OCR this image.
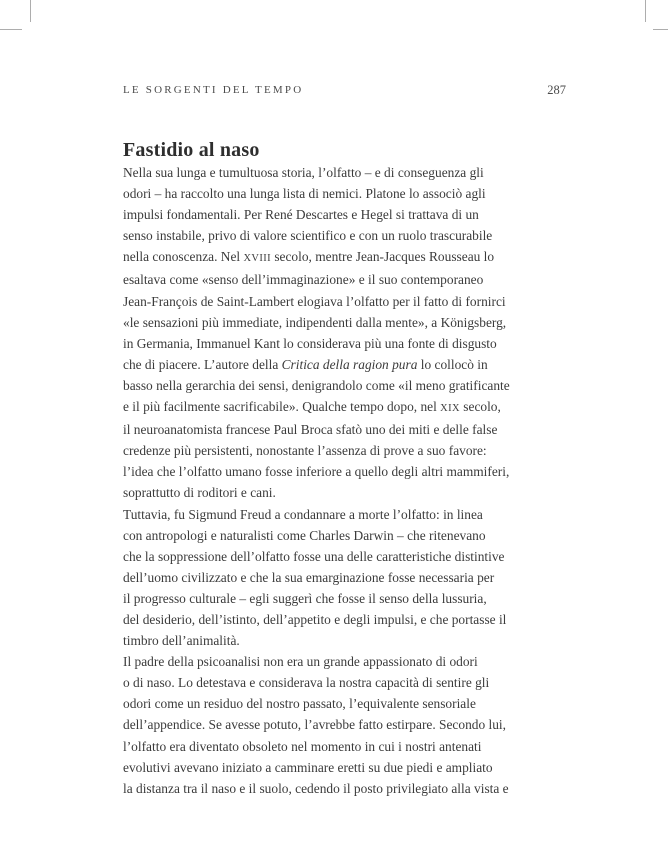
LE SORGENTI DEL TEMPO	287
Fastidio al naso
Nella sua lunga e tumultuosa storia, l’olfatto – e di conseguenza gli
odori – ha raccolto una lunga lista di nemici. Platone lo associò agli
impulsi fondamentali. Per René Descartes e Hegel si trattava di un
senso instabile, privo di valore scientifico e con un ruolo trascurabile
nella conoscenza. Nel XVIII secolo, mentre Jean-Jacques Rousseau lo
esaltava come «senso dell’immaginazione» e il suo contemporaneo
Jean-François de Saint-Lambert elogiava l’olfatto per il fatto di fornirci
«le sensazioni più immediate, indipendenti dalla mente», a Königsberg,
in Germania, Immanuel Kant lo considerava più una fonte di disgusto
che di piacere. L’autore della Critica della ragion pura lo collocò in
basso nella gerarchia dei sensi, denigrandolo come «il meno gratificante
e il più facilmente sacrificabile». Qualche tempo dopo, nel XIX secolo,
il neuroanatomista francese Paul Broca sfatò uno dei miti e delle false
credenze più persistenti, nonostante l’assenza di prove a suo favore:
l’idea che l’olfatto umano fosse inferiore a quello degli altri mammiferi,
soprattutto di roditori e cani.
Tuttavia, fu Sigmund Freud a condannare a morte l’olfatto: in linea
con antropologi e naturalisti come Charles Darwin – che ritenevano
che la soppressione dell’olfatto fosse una delle caratteristiche distintive
dell’uomo civilizzato e che la sua emarginazione fosse necessaria per
il progresso culturale – egli suggerì che fosse il senso della lussuria,
del desiderio, dell’istinto, dell’appetito e degli impulsi, e che portasse il
timbro dell’animalità.
Il padre della psicoanalisi non era un grande appassionato di odori
o di naso. Lo detestava e considerava la nostra capacità di sentire gli
odori come un residuo del nostro passato, l’equivalente sensoriale
dell’appendice. Se avesse potuto, l’avrebbe fatto estirpare. Secondo lui,
l’olfatto era diventato obsoleto nel momento in cui i nostri antenati
evolutivi avevano iniziato a camminare eretti su due piedi e ampliato
la distanza tra il naso e il suolo, cedendo il posto privilegiato alla vista e
